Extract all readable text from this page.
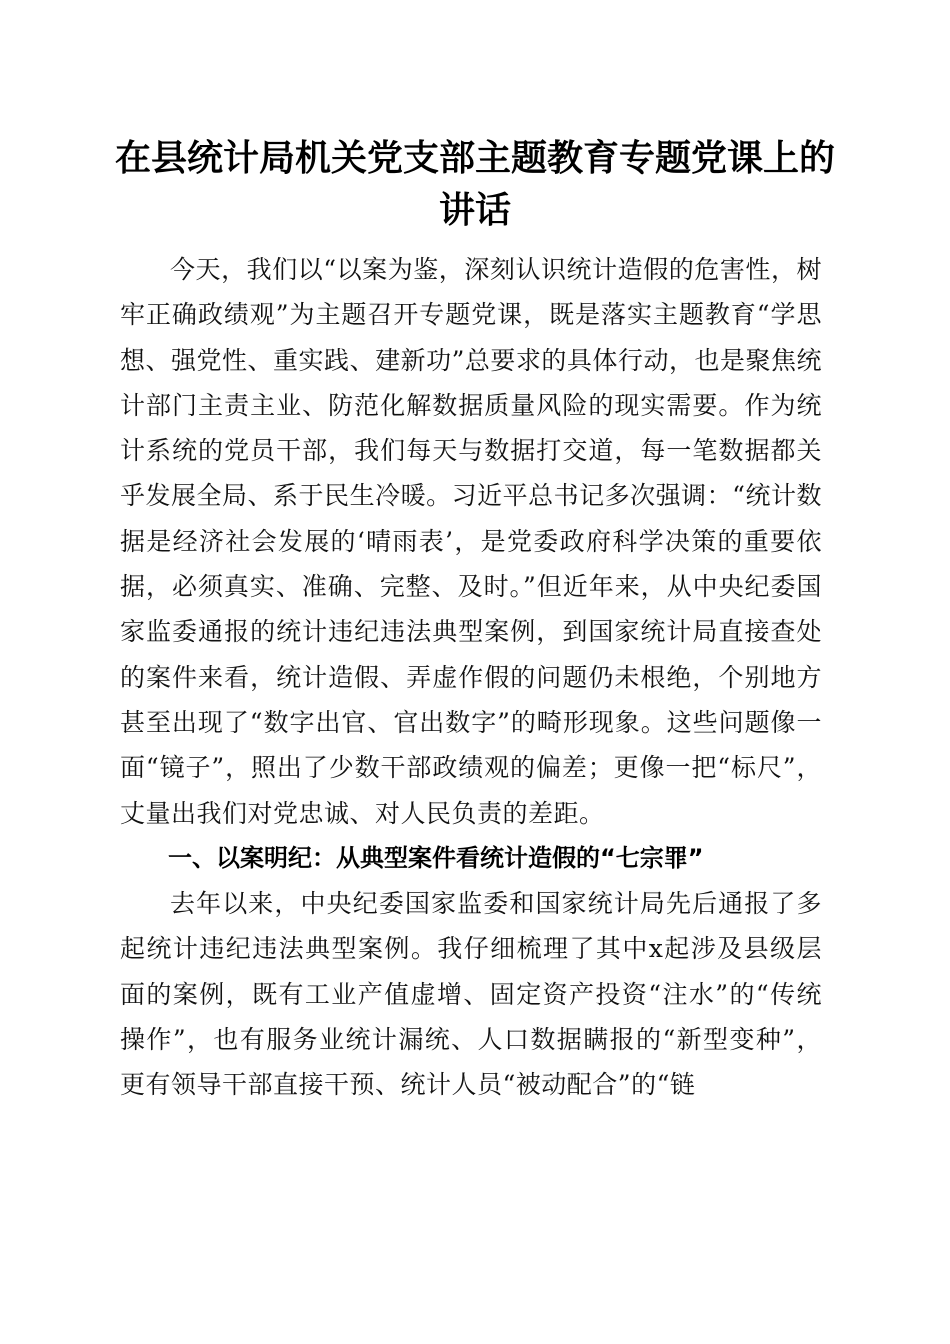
在县统计局机关党支部主题教育专题党课上的讲话

今天，我们以“以案为鉴，深刻认识统计造假的危害性，树牢正确政绩观”为主题召开专题党课，既是落实主题教育“学思想、强党性、重实践、建新功”总要求的具体行动，也是聚焦统计部门主责主业、防范化解数据质量风险的现实需要。作为统计系统的党员干部，我们每天与数据打交道，每一笔数据都关乎发展全局、系于民生冷暖。习近平总书记多次强调：“统计数据是经济社会发展的‘晴雨表’，是党委政府科学决策的重要依据，必须真实、准确、完整、及时。”但近年来，从中央纪委国家监委通报的统计违纪违法典型案例，到国家统计局直接查处的案件来看，统计造假、弄虚作假的问题仍未根绝，个别地方甚至出现了“数字出官、官出数字”的畸形现象。这些问题像一面“镜子”，照出了少数干部政绩观的偏差；更像一把“标尺”，丈量出我们对党忠诚、对人民负责的差距。

一、以案明纪：从典型案件看统计造假的“七宗罪”

去年以来，中央纪委国家监委和国家统计局先后通报了多起统计违纪违法典型案例。我仔细梳理了其中x起涉及县级层面的案例，既有工业产值虚增、固定资产投资“注水”的“传统操作”，也有服务业统计漏统、人口数据瞒报的“新型变种”，更有领导干部直接干预、统计人员“被动配合”的“链
